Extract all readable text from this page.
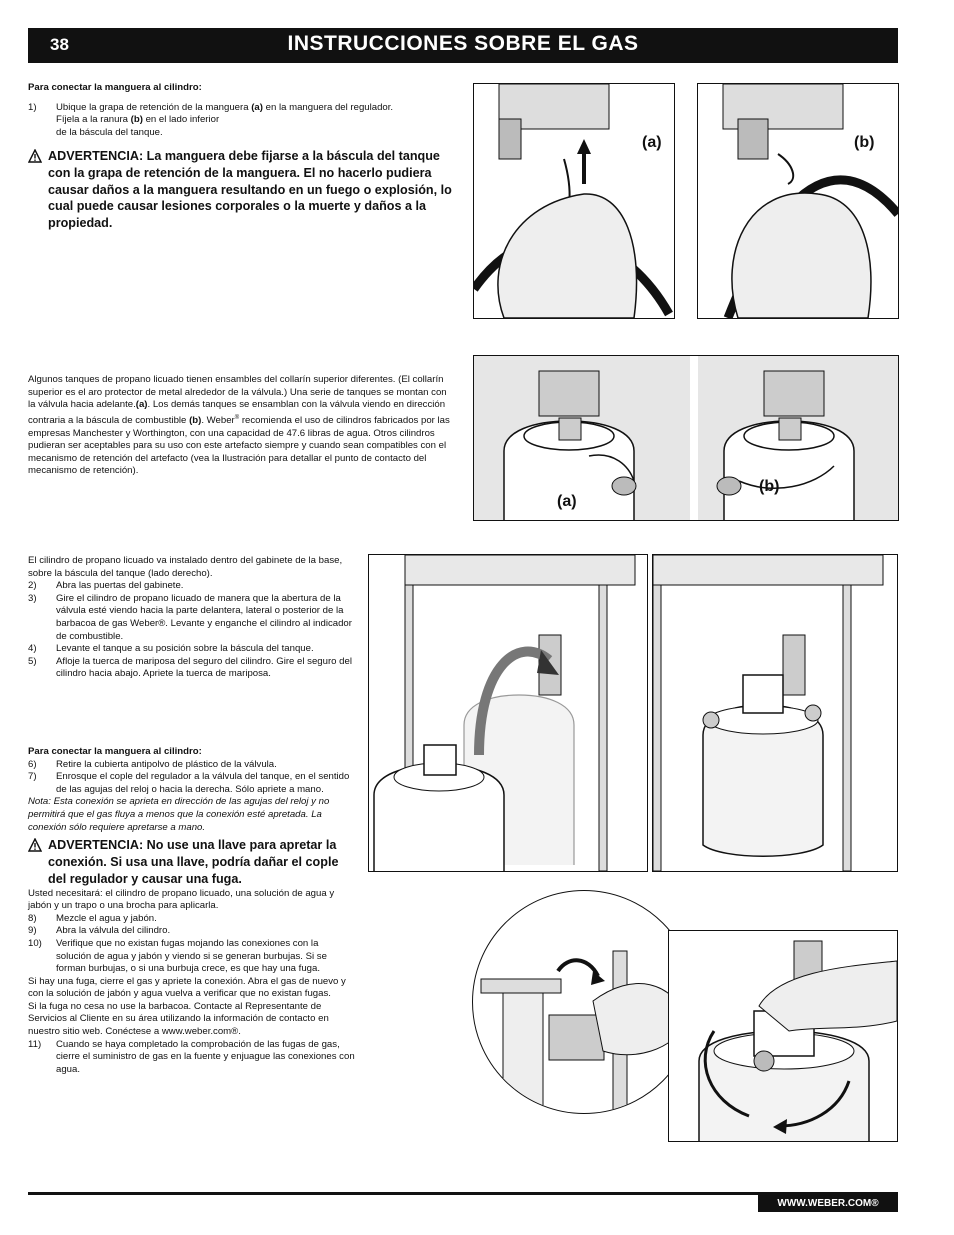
38	INSTRUCCIONES SOBRE EL GAS

Para conectar la manguera al cilindro:

1) Ubique la grapa de retención de la manguera (a) en la manguera del regulador.

Fíjela a la ranura (b) en el lado inferior

de la báscula del tanque.

ADVERTENCIA: La manguera debe fijarse a la báscula del tanque con la grapa de retención de la manguera. El no hacerlo pudiera causar daños a la manguera resultando en un fuego o explosión, lo cual puede causar lesiones corporales o la muerte y daños a la propiedad.
(a)	(b)

Algunos tanques de propano licuado tienen ensambles del collarín superior diferentes. (El collarín superior es el aro protector de metal alrededor de la válvula.) Una serie de tanques se montan con la válvula hacia adelante.(a). Los demás tanques se ensamblan con la válvula viendo en dirección contraria a la báscula de combustible (b). Weber® recomienda el uso de cilindros fabricados por las empresas Manchester y Worthington, con una capacidad de 47.6 libras de agua. Otros cilindros pudieran ser aceptables para su uso con este artefacto siempre y cuando sean compatibles con el mecanismo de retención del artefacto (vea la Ilustración para detallar el punto de contacto del mecanismo de retención).

(a)
(b)

El cilindro de propano licuado va instalado dentro del gabinete de la base, sobre la báscula del tanque (lado derecho).

2) Abra las puertas del gabinete.

3) Gire el cilindro de propano licuado de manera que la abertura de la válvula esté viendo hacia la parte delantera, lateral o posterior de la barbacoa de gas Weber®. Levante y enganche el cilindro al indicador de combustible.

4) Levante el tanque a su posición sobre la báscula del tanque.

5) Afloje la tuerca de mariposa del seguro del cilindro. Gire el seguro del cilindro hacia abajo. Apriete la tuerca de mariposa.

Para conectar la manguera al cilindro:

6) Retire la cubierta antipolvo de plástico de la válvula.

7) Enrosque el cople del regulador a la válvula del tanque, en el sentido de las agujas del reloj o hacia la derecha. Sólo apriete a mano.

Nota: Esta conexión se aprieta en dirección de las agujas del reloj y no permitirá que el gas fluya a menos que la conexión esté apretada. La conexión sólo requiere apretarse a mano.

ADVERTENCIA: No use una llave para apretar la conexión. Si usa una llave, podría dañar el cople del regulador y causar una fuga.

Usted necesitará: el cilindro de propano licuado, una solución de agua y jabón y un trapo o una brocha para aplicarla.

8) Mezcle el agua y jabón.

9) Abra la válvula del cilindro.

10) Verifique que no existan fugas mojando las conexiones con la solución de agua y jabón y viendo si se generan burbujas. Si se forman burbujas, o si una burbuja crece, es que hay una fuga.

Si hay una fuga, cierre el gas y apriete la conexión. Abra el gas de nuevo y con la solución de jabón y agua vuelva a verificar que no existan fugas.

Si la fuga no cesa no use la barbacoa. Contacte al Representante de Servicios al Cliente en su área utilizando la información de contacto en nuestro sitio web. Conéctese a www.weber.com®.

11) Cuando se haya completado la comprobación de las fugas de gas, cierre el suministro de gas en la fuente y enjuague las conexiones con agua.

WWW.WEBER.COM®
